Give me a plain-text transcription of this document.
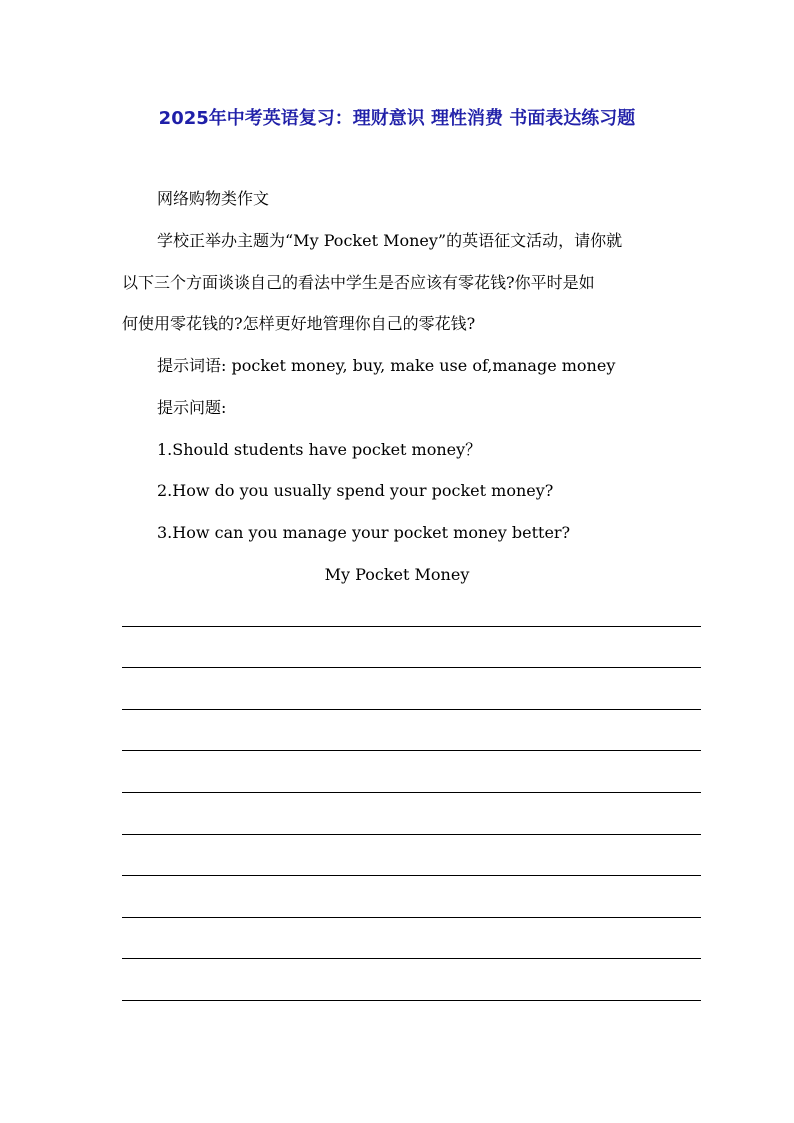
2025年中考英语复习：理财意识 理性消费 书面表达练习题
网络购物类作文
学校正举办主题为“My Pocket Money”的英语征文活动，请你就
以下三个方面谈谈自己的看法中学生是否应该有零花钱?你平时是如
何使用零花钱的?怎样更好地管理你自己的零花钱?
提示词语: pocket money, buy, make use of,manage money
提示问题:
1.Should students have pocket money？
2.How do you usually spend your pocket money?
3.How can you manage your pocket money better?
My Pocket Money
